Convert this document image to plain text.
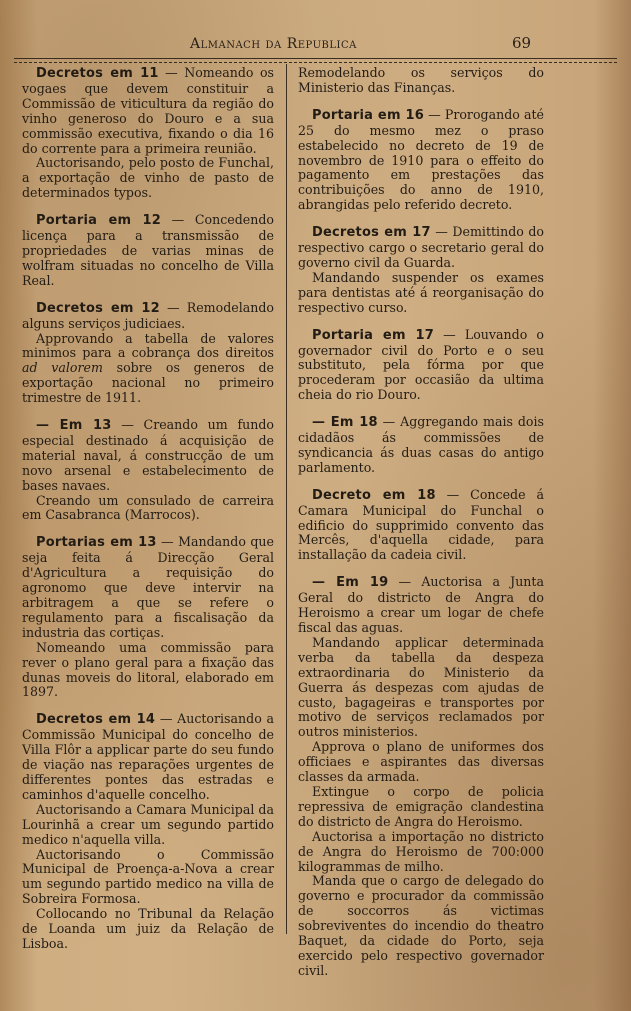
Almanach da Republica	69

Decretos em 11 — Nomeando os vogaes que devem constituir a Commissão de viticultura da região do vinho generoso do Douro e a sua commissão executiva, fixando o dia 16 do corrente para a primeira reunião.

Auctorisando, pelo posto de Funchal, a exportação de vinho de pasto de determinados typos.

Portaria em 12 — Concedendo licença para a transmissão de propriedades de varias minas de wolfram situadas no concelho de Villa Real.

Decretos em 12 — Remodelando alguns serviços judiciaes.

Approvando a tabella de valores minimos para a cobrança dos direitos ad valorem sobre os generos de exportação nacional no primeiro trimestre de 1911.

— Em 13 — Creando um fundo especial destinado á acquisição de material naval, á construcção de um novo arsenal e estabelecimento de bases navaes.

Creando um consulado de carreira em Casabranca (Marrocos).

Portarias em 13 — Mandando que seja feita á Direcção Geral d'Agricultura a requisição do agronomo que deve intervir na arbitragem a que se refere o regulamento para a fiscalisação da industria das cortiças.

Nomeando uma commissão para rever o plano geral para a fixação das dunas moveis do litoral, elaborado em 1897.

Decretos em 14 — Auctorisando a Commissão Municipal do concelho de Villa Flôr a applicar parte do seu fundo de viação nas reparações urgentes de differentes pontes das estradas e caminhos d'aquelle concelho.

Auctorisando a Camara Municipal da Lourinhã a crear um segundo partido medico n'aquella villa.

Auctorisando o Commissão Municipal de Proença-a-Nova a crear um segundo partido medico na villa de Sobreira Formosa.

Collocando no Tribunal da Relação de Loanda um juiz da Relação de Lisboa.

Remodelando os serviços do Ministerio das Finanças.

Portaria em 16 — Prorogando até 25 do mesmo mez o praso estabelecido no decreto de 19 de novembro de 1910 para o effeito do pagamento em prestações das contribuições do anno de 1910, abrangidas pelo referido decreto.

Decretos em 17 — Demittindo do respectivo cargo o secretario geral do governo civil da Guarda.

Mandando suspender os exames para dentistas até á reorganisação do respectivo curso.

Portaria em 17 — Louvando o governador civil do Porto e o seu substituto, pela fórma por que procederam por occasião da ultima cheia do rio Douro.

— Em 18 — Aggregando mais dois cidadãos ás commissões de syndicancia ás duas casas do antigo parlamento.

Decreto em 18 — Concede á Camara Municipal do Funchal o edificio do supprimido convento das Mercês, d'aquella cidade, para installação da cadeia civil.

— Em 19 — Auctorisa a Junta Geral do districto de Angra do Heroismo a crear um logar de chefe fiscal das aguas.

Mandando applicar determinada verba da tabella da despeza extraordinaria do Ministerio da Guerra ás despezas com ajudas de custo, bagageiras e transportes por motivo de serviços reclamados por outros ministerios.

Approva o plano de uniformes dos officiaes e aspirantes das diversas classes da armada.

Extingue o corpo de policia repressiva de emigração clandestina do districto de Angra do Heroismo.

Auctorisa a importação no districto de Angra do Heroismo de 700:000 kilogrammas de milho.

Manda que o cargo de delegado do governo e procurador da commissão de soccorros ás victimas sobreviventes do incendio do theatro Baquet, da cidade do Porto, seja exercido pelo respectivo governador civil.
